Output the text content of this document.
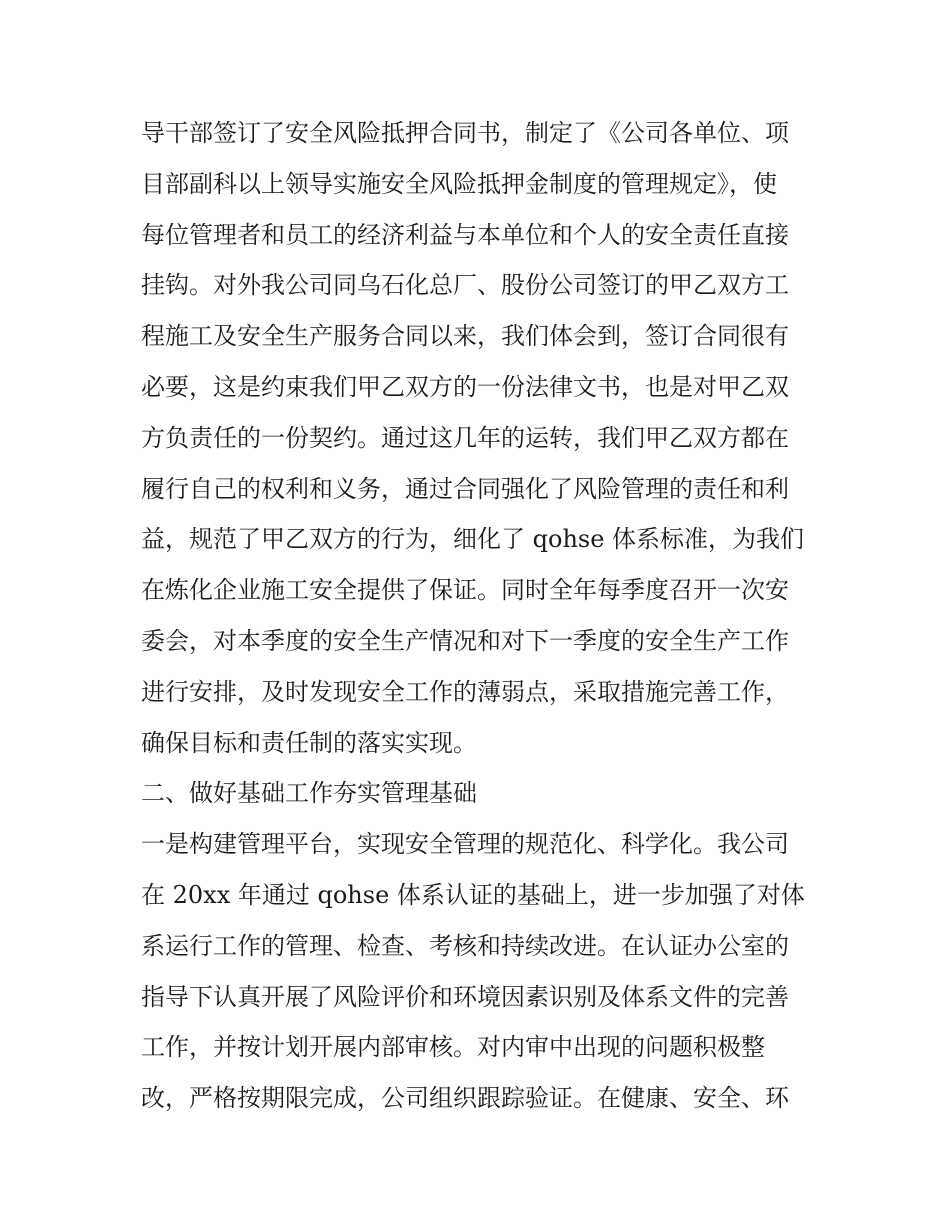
导干部签订了安全风险抵押合同书，制定了《公司各单位、项
目部副科以上领导实施安全风险抵押金制度的管理规定》，使
每位管理者和员工的经济利益与本单位和个人的安全责任直接
挂钩。对外我公司同乌石化总厂、股份公司签订的甲乙双方工
程施工及安全生产服务合同以来，我们体会到，签订合同很有
必要，这是约束我们甲乙双方的一份法律文书，也是对甲乙双
方负责任的一份契约。通过这几年的运转，我们甲乙双方都在
履行自己的权利和义务，通过合同强化了风险管理的责任和利
益，规范了甲乙双方的行为，细化了 qohse 体系标准，为我们
在炼化企业施工安全提供了保证。同时全年每季度召开一次安
委会，对本季度的安全生产情况和对下一季度的安全生产工作
进行安排，及时发现安全工作的薄弱点，采取措施完善工作，
确保目标和责任制的落实实现。
二、做好基础工作夯实管理基础
一是构建管理平台，实现安全管理的规范化、科学化。我公司
在 20xx 年通过 qohse 体系认证的基础上，进一步加强了对体
系运行工作的管理、检查、考核和持续改进。在认证办公室的
指导下认真开展了风险评价和环境因素识别及体系文件的完善
工作，并按计划开展内部审核。对内审中出现的问题积极整
改，严格按期限完成，公司组织跟踪验证。在健康、安全、环
